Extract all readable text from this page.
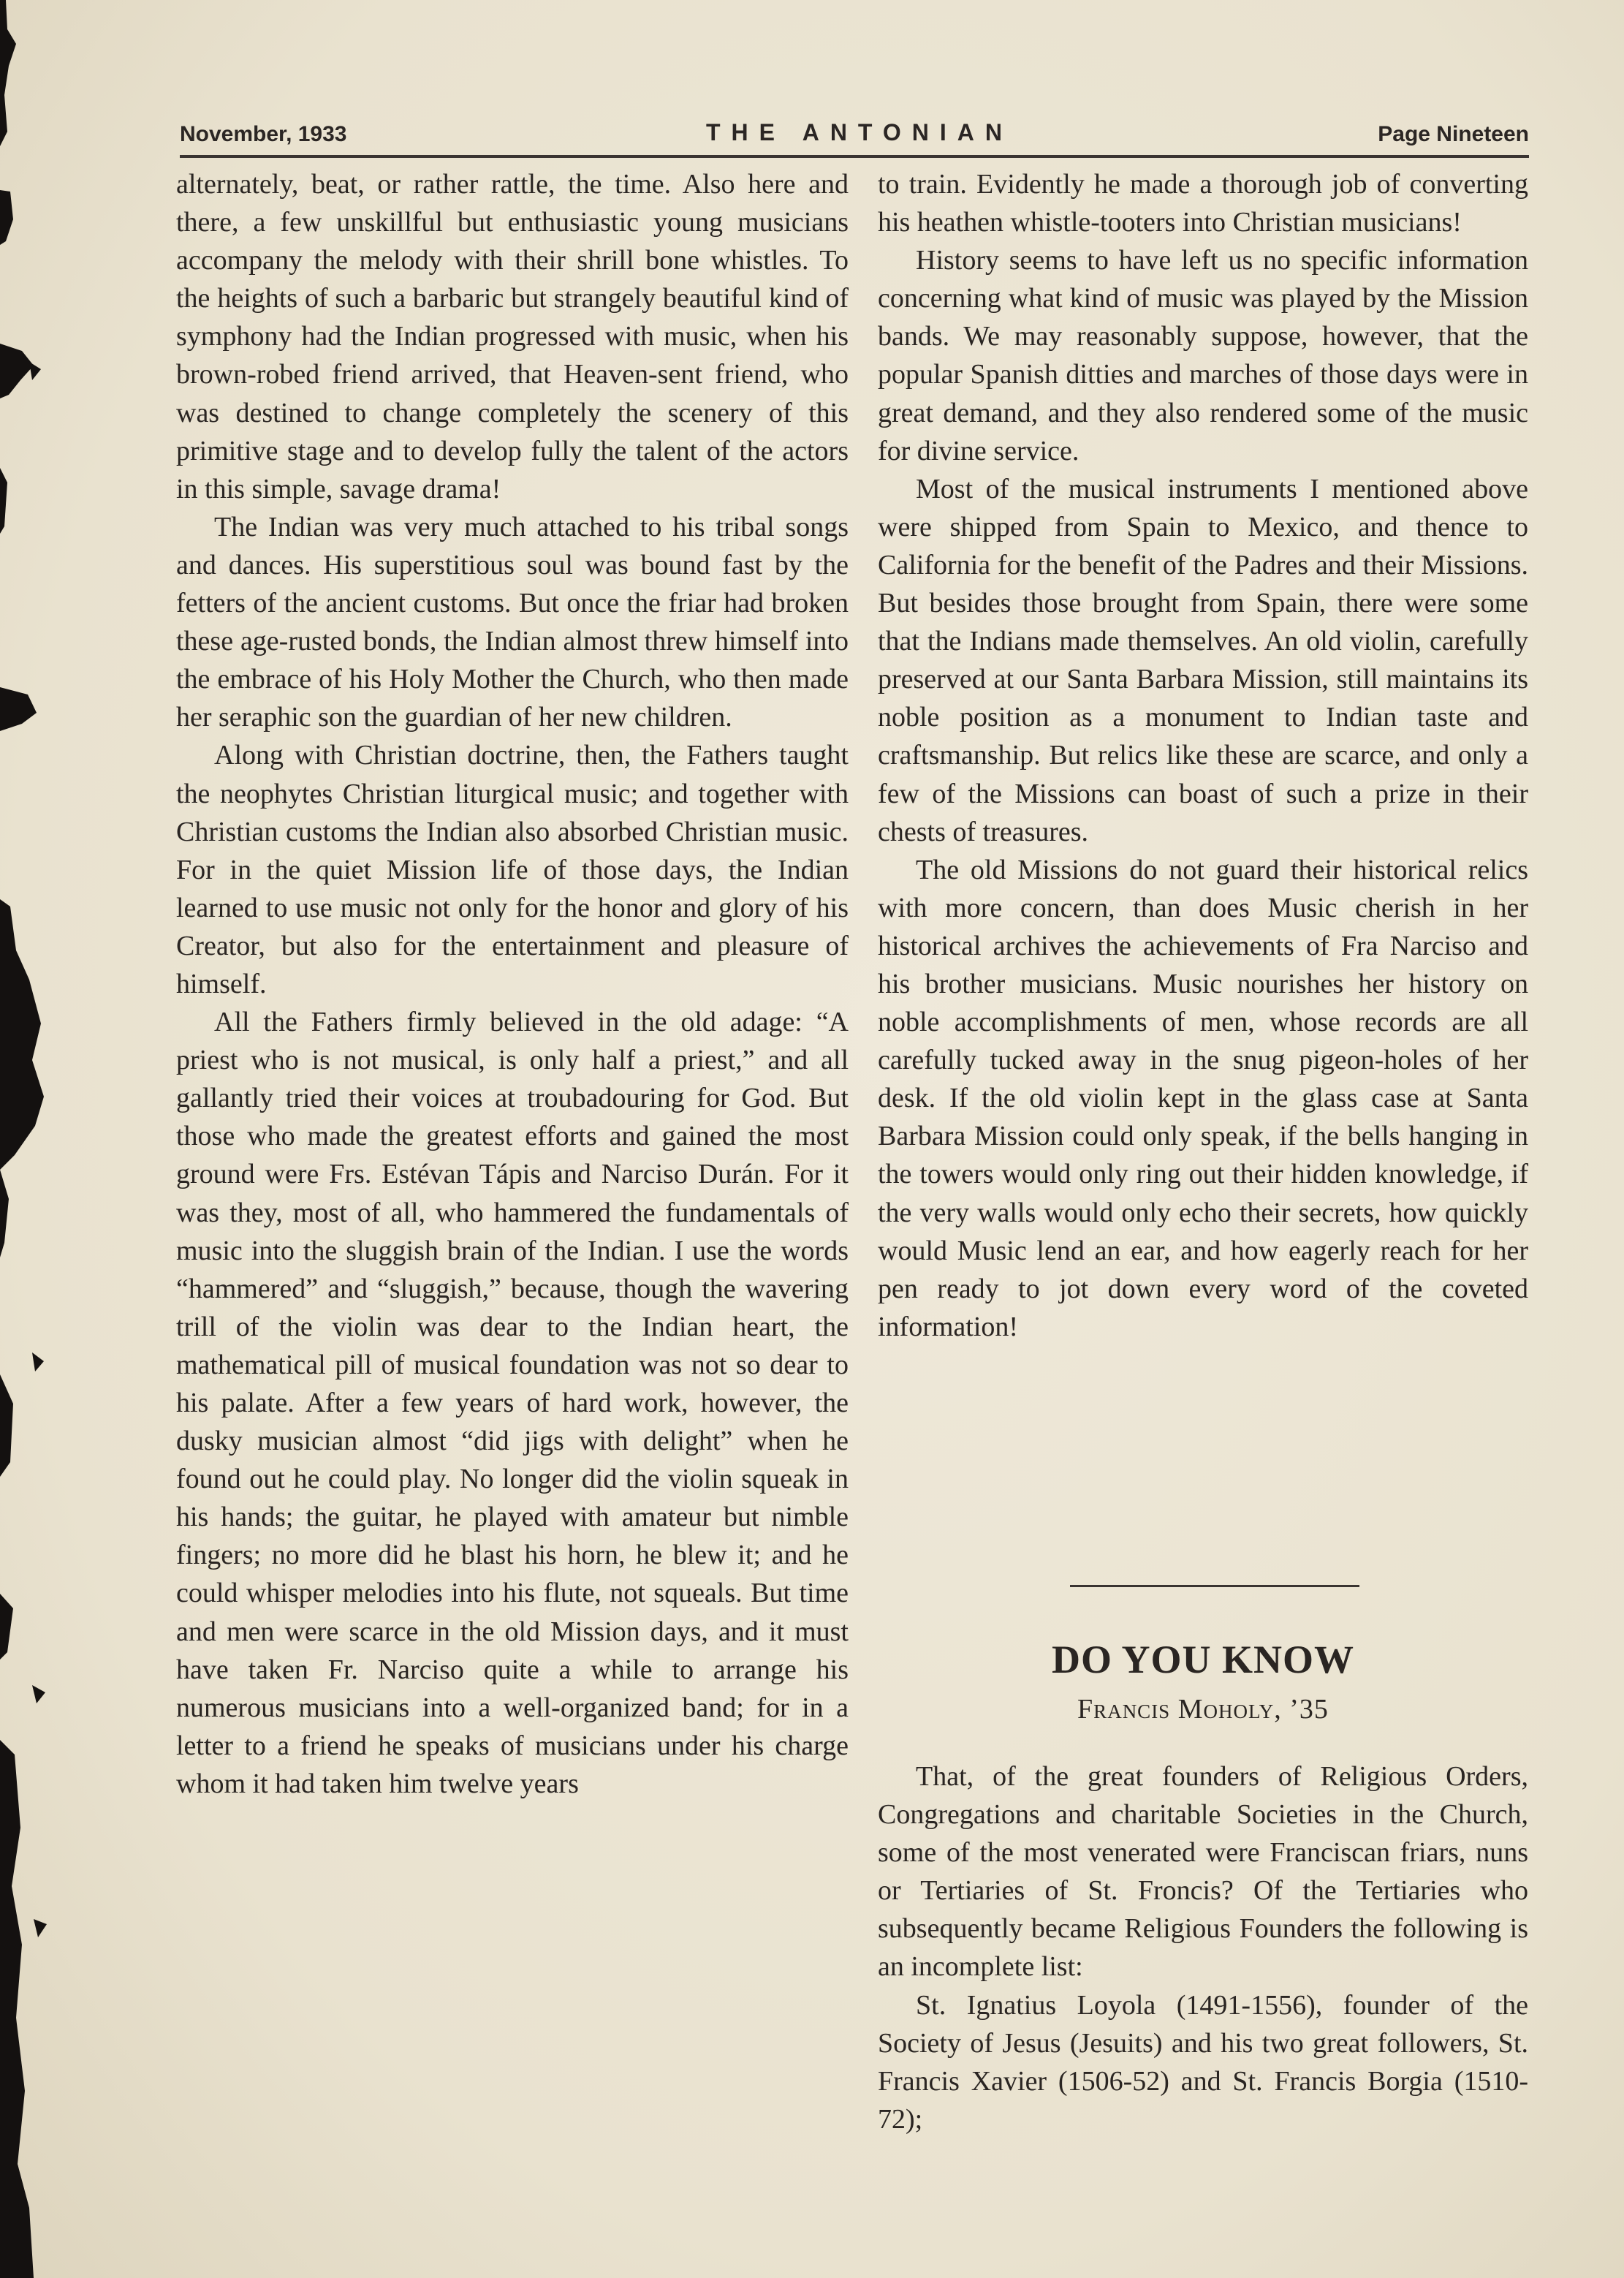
November, 1933	THE ANTONIAN	Page Nineteen

alternately, beat, or rather rattle, the time. Also here and there, a few unskillful but enthusiastic young musicians accompany the melody with their shrill bone whistles. To the heights of such a barbaric but strangely beautiful kind of symphony had the Indian progressed with music, when his brown-robed friend arrived, that Heaven-sent friend, who was destined to change completely the scenery of this primitive stage and to develop fully the talent of the actors in this simple, savage drama!

The Indian was very much attached to his tribal songs and dances. His superstitious soul was bound fast by the fetters of the ancient customs. But once the friar had broken these age-rusted bonds, the Indian almost threw himself into the embrace of his Holy Mother the Church, who then made her seraphic son the guardian of her new children.

Along with Christian doctrine, then, the Fathers taught the neophytes Christian liturgical music; and together with Christian customs the Indian also absorbed Christian music. For in the quiet Mission life of those days, the Indian learned to use music not only for the honor and glory of his Creator, but also for the entertainment and pleasure of himself.

All the Fathers firmly believed in the old adage: “A priest who is not musical, is only half a priest,” and all gallantly tried their voices at troubadouring for God. But those who made the greatest efforts and gained the most ground were Frs. Estévan Tápis and Narciso Durán. For it was they, most of all, who hammered the fundamentals of music into the sluggish brain of the Indian. I use the words “hammered” and “sluggish,” because, though the wavering trill of the violin was dear to the Indian heart, the mathematical pill of musical foundation was not so dear to his palate. After a few years of hard work, however, the dusky musician almost “did jigs with delight” when he found out he could play. No longer did the violin squeak in his hands; the guitar, he played with amateur but nimble fingers; no more did he blast his horn, he blew it; and he could whisper melodies into his flute, not squeals. But time and men were scarce in the old Mission days, and it must have taken Fr. Narciso quite a while to arrange his numerous musicians into a well-organized band; for in a letter to a friend he speaks of musicians under his charge whom it had taken him twelve years

to train. Evidently he made a thorough job of converting his heathen whistle-tooters into Christian musicians!

History seems to have left us no specific information concerning what kind of music was played by the Mission bands. We may reasonably suppose, however, that the popular Spanish ditties and marches of those days were in great demand, and they also rendered some of the music for divine service.

Most of the musical instruments I mentioned above were shipped from Spain to Mexico, and thence to California for the benefit of the Padres and their Missions. But besides those brought from Spain, there were some that the Indians made themselves. An old violin, carefully preserved at our Santa Barbara Mission, still maintains its noble position as a monument to Indian taste and craftsmanship. But relics like these are scarce, and only a few of the Missions can boast of such a prize in their chests of treasures.

The old Missions do not guard their historical relics with more concern, than does Music cherish in her historical archives the achievements of Fra Narciso and his brother musicians. Music nourishes her history on noble accomplishments of men, whose records are all carefully tucked away in the snug pigeon-holes of her desk. If the old violin kept in the glass case at Santa Barbara Mission could only speak, if the bells hanging in the towers would only ring out their hidden knowledge, if the very walls would only echo their secrets, how quickly would Music lend an ear, and how eagerly reach for her pen ready to jot down every word of the coveted information!

DO YOU KNOW
Francis Moholy, ’35

That, of the great founders of Religious Orders, Congregations and charitable Societies in the Church, some of the most venerated were Franciscan friars, nuns or Tertiaries of St. Froncis? Of the Tertiaries who subsequently became Religious Founders the following is an incomplete list:

St. Ignatius Loyola (1491-1556), founder of the Society of Jesus (Jesuits) and his two great followers, St. Francis Xavier (1506-52) and St. Francis Borgia (1510-72);
